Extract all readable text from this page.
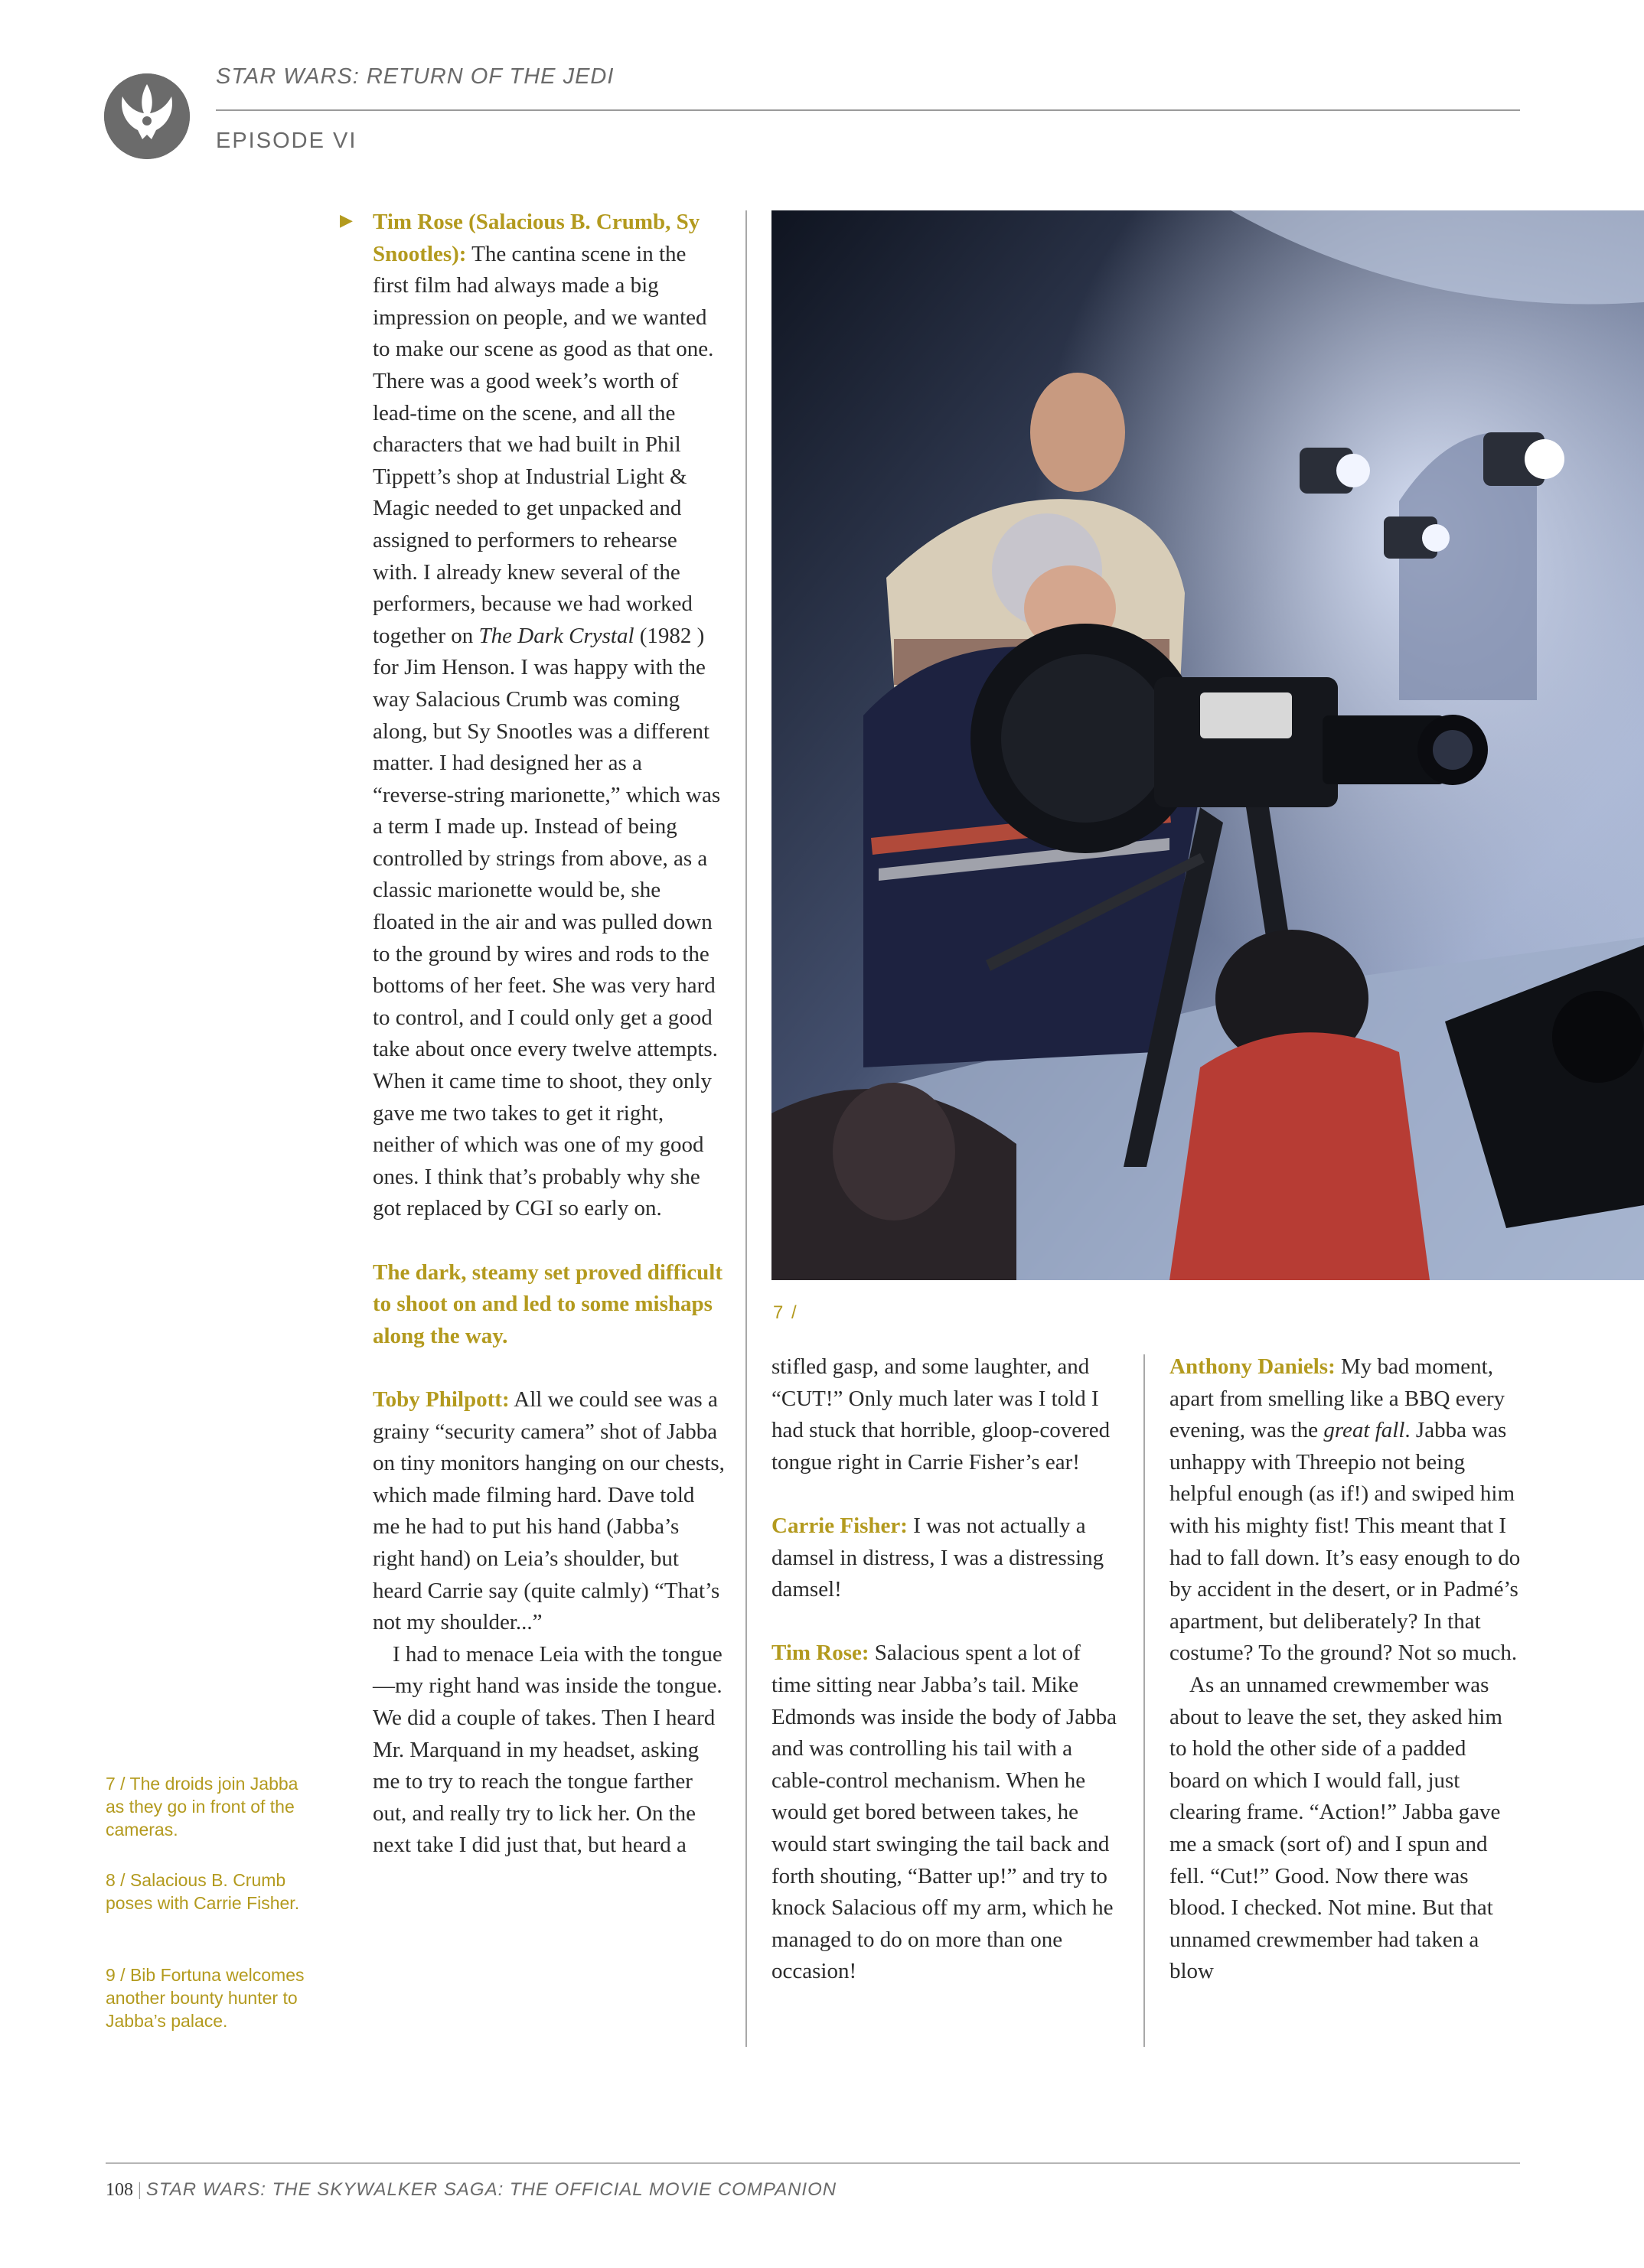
STAR WARS: RETURN OF THE JEDI
EPISODE VI
▶ Tim Rose (Salacious B. Crumb, Sy Snootles): The cantina scene in the first film had always made a big impression on people, and we wanted to make our scene as good as that one. There was a good week’s worth of lead-time on the scene, and all the characters that we had built in Phil Tippett’s shop at Industrial Light & Magic needed to get unpacked and assigned to performers to rehearse with. I already knew several of the performers, because we had worked together on The Dark Crystal (1982 ) for Jim Henson. I was happy with the way Salacious Crumb was coming along, but Sy Snootles was a different matter. I had designed her as a “reverse-string marionette,” which was a term I made up. Instead of being controlled by strings from above, as a classic marionette would be, she floated in the air and was pulled down to the ground by wires and rods to the bottoms of her feet. She was very hard to control, and I could only get a good take about once every twelve attempts. When it came time to shoot, they only gave me two takes to get it right, neither of which was one of my good ones. I think that’s probably why she got replaced by CGI so early on.

The dark, steamy set proved difficult to shoot on and led to some mishaps along the way.

Toby Philpott: All we could see was a grainy “security camera” shot of Jabba on tiny monitors hanging on our chests, which made filming hard. Dave told me he had to put his hand (Jabba’s right hand) on Leia’s shoulder, but heard Carrie say (quite calmly) “That’s not my shoulder...”

I had to menace Leia with the tongue—my right hand was inside the tongue. We did a couple of takes. Then I heard Mr. Marquand in my headset, asking me to try to reach the tongue farther out, and really try to lick her. On the next take I did just that, but heard a

7 /

stifled gasp, and some laughter, and “CUT!” Only much later was I told I had stuck that horrible, gloop-covered tongue right in Carrie Fisher’s ear!

Carrie Fisher: I was not actually a damsel in distress, I was a distressing damsel!

Tim Rose: Salacious spent a lot of time sitting near Jabba’s tail. Mike Edmonds was inside the body of Jabba and was controlling his tail with a cable-control mechanism. When he would get bored between takes, he would start swinging the tail back and forth shouting, “Batter up!” and try to knock Salacious off my arm, which he managed to do on more than one occasion!

Anthony Daniels: My bad moment, apart from smelling like a BBQ every evening, was the great fall. Jabba was unhappy with Threepio not being helpful enough (as if!) and swiped him with his mighty fist! This meant that I had to fall down. It’s easy enough to do by accident in the desert, or in Padmé’s apartment, but deliberately? In that costume? To the ground? Not so much.

As an unnamed crewmember was about to leave the set, they asked him to hold the other side of a padded board on which I would fall, just clearing frame. “Action!” Jabba gave me a smack (sort of) and I spun and fell. “Cut!” Good. Now there was blood. I checked. Not mine. But that unnamed crewmember had taken a blow

7 / The droids join Jabba as they go in front of the cameras.
8 / Salacious B. Crumb poses with Carrie Fisher.
9 / Bib Fortuna welcomes another bounty hunter to Jabba’s palace.
108 | STAR WARS: THE SKYWALKER SAGA: THE OFFICIAL MOVIE COMPANION
